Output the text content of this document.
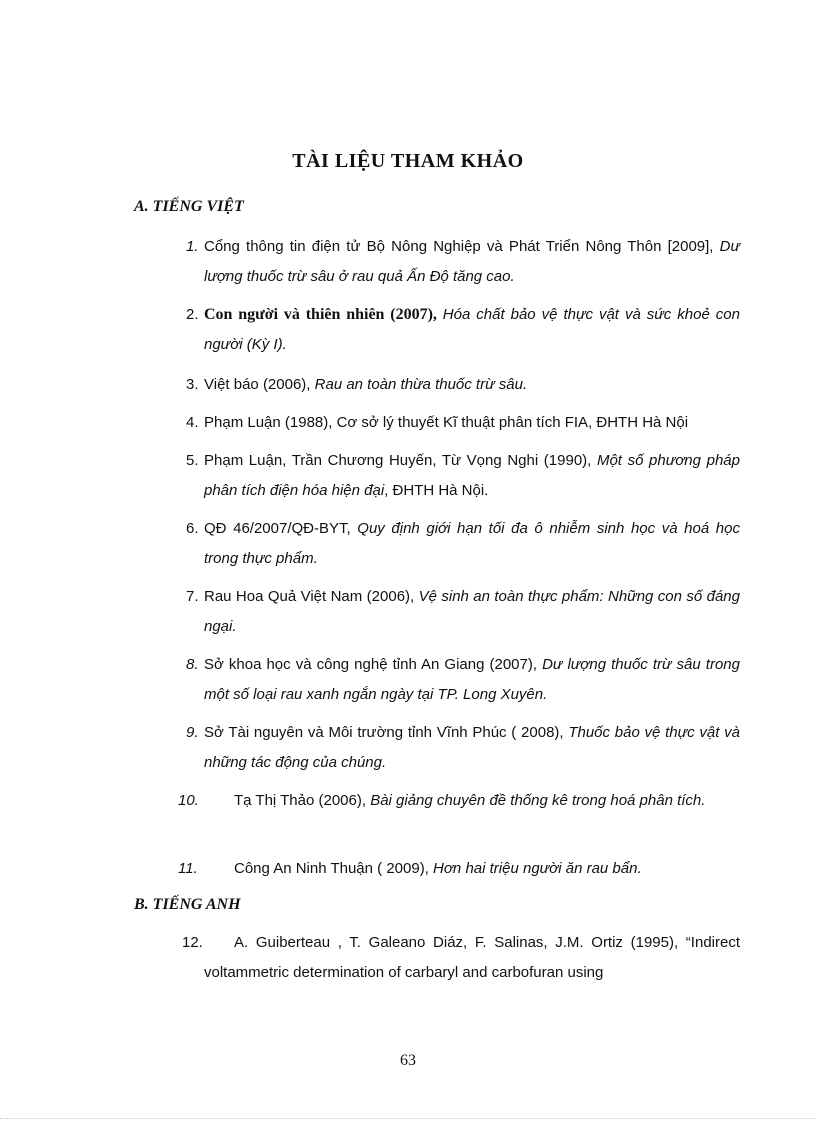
TÀI LIỆU THAM KHẢO
A. TIẾNG VIỆT
1. Cổng thông tin điện tử Bộ Nông Nghiệp và Phát Triển Nông Thôn [2009], Dư lượng thuốc trừ sâu ở rau quả Ấn Độ tăng cao.
2. Con người và thiên nhiên (2007), Hóa chất bảo vệ thực vật và sức khoẻ con người (Kỳ I).
3. Việt báo (2006), Rau an toàn thừa thuốc trừ sâu.
4. Phạm Luận (1988), Cơ sở lý thuyết Kĩ thuật phân tích FIA, ĐHTH Hà Nội
5. Phạm Luận, Trần Chương Huyến, Từ Vọng Nghi (1990), Một số phương pháp phân tích điện hóa hiện đại, ĐHTH Hà Nội.
6. QĐ 46/2007/QĐ-BYT, Quy định giới hạn tối đa ô nhiễm sinh học và hoá học trong thực phẩm.
7. Rau Hoa Quả Việt Nam (2006), Vệ sinh an toàn thực phẩm: Những con số đáng ngại.
8. Sở khoa học và công nghệ tỉnh An Giang (2007), Dư lượng thuốc trừ sâu trong một số loại rau xanh ngắn ngày tại TP. Long Xuyên.
9. Sở Tài nguyên và Môi trường tỉnh Vĩnh Phúc ( 2008), Thuốc bảo vệ thực vật và những tác động của chúng.
10.	Tạ Thị Thảo (2006), Bài giảng chuyên đề thống kê trong hoá phân tích.
11.	Công An Ninh Thuận ( 2009), Hơn hai triệu người ăn rau bẩn.
B. TIẾNG ANH
12.	A. Guiberteau , T. Galeano Diáz, F. Salinas, J.M. Ortiz (1995), “Indirect voltammetric determination of carbaryl and carbofuran using
63
